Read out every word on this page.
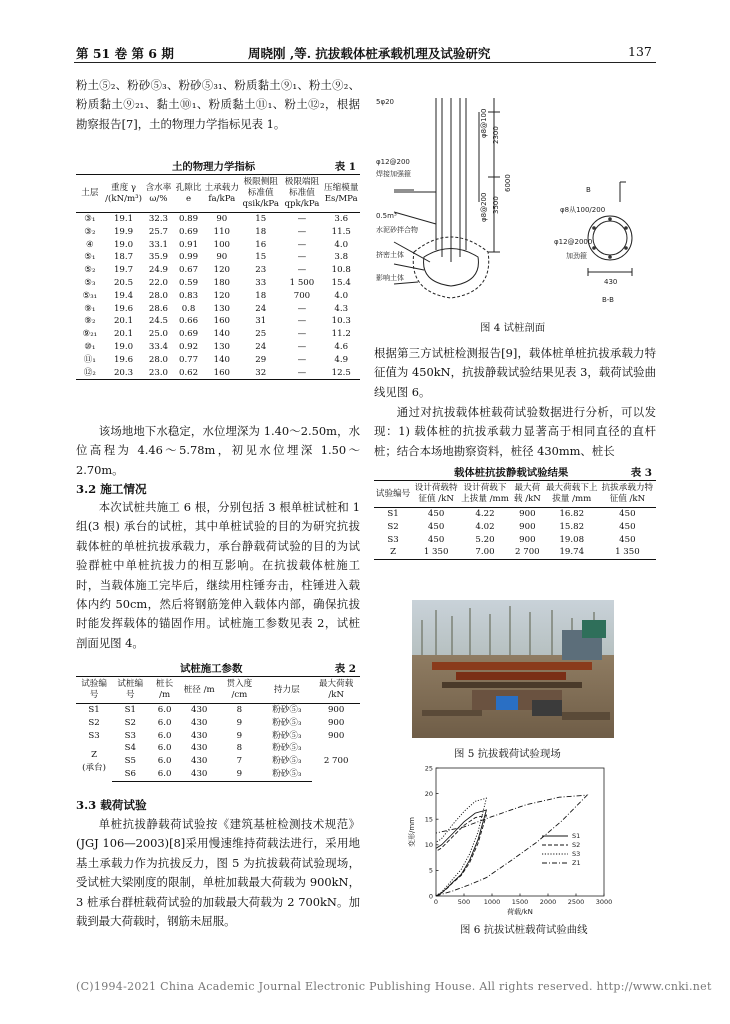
第 51 卷 第 6 期	周晓刚 ,等. 抗拔载体桩承载机理及试验研究	137

粉土⑤₂、粉砂⑤₃、粉砂⑤₃₁、粉质黏土⑨₁、粉土⑨₂、粉质黏土⑨₂₁、黏土⑩₁、粉质黏土⑪₁、粉土⑫₂，根据勘察报告[7]，土的物理力学指标见表 1。

土的物理力学指标	表 1
土层	重度 γ /(kN/m³)	含水率 ω/%	孔隙比 e	土承载力 fa/kPa	极限侧阻标准值 qsik/kPa	极限端阻标准值 qpk/kPa	压缩模量 Es/MPa
③₁	19.1	32.3	0.89	90	15	—	3.6
③₂	19.9	25.7	0.69	110	18	—	11.5
④	19.0	33.1	0.91	100	16	—	4.0
⑤₁	18.7	35.9	0.99	90	15	—	3.8
⑤₂	19.7	24.9	0.67	120	23	—	10.8
⑤₃	20.5	22.0	0.59	180	33	1 500	15.4
⑤₃₁	19.4	28.0	0.83	120	18	700	4.0
⑨₁	19.6	28.6	0.8	130	24	—	4.3
⑨₂	20.1	24.5	0.66	160	31	—	10.3
⑨₂₁	20.1	25.0	0.69	140	25	—	11.2
⑩₁	19.0	33.4	0.92	130	24	—	4.6
⑪₁	19.6	28.0	0.77	140	29	—	4.9
⑫₂	20.3	23.0	0.62	160	32	—	12.5

该场地地下水稳定，水位埋深为 1.40～2.50m，水位高程为 4.46～5.78m，初见水位埋深 1.50～2.70m。

3.2 施工情况

本次试桩共施工 6 根，分别包括 3 根单桩试桩和 1 组(3 根) 承台的试桩，其中单桩试验的目的为研究抗拔载体桩的单桩抗拔承载力，承台静载荷试验的目的为试验群桩中单桩抗拔力的相互影响。在抗拔载体桩施工时，当载体施工完毕后，继续用柱锤夯击，柱锤进入载体内约 50cm，然后将钢筋笼伸入载体内部，确保抗拔时能发挥载体的锚固作用。试桩施工参数见表 2，试桩剖面见图 4。

试桩施工参数	表 2
试验编号	试桩编号	桩长 /m	桩径 /m	贯入度 /cm	持力层	最大荷载 /kN
S1	S1	6.0	430	8	粉砂⑤₃	900
S2	S2	6.0	430	9	粉砂⑤₃	900
S3	S3	6.0	430	9	粉砂⑤₃	900

Z
(承台)	S4	6.0	430	8	粉砂⑤₃	2 700
	S5	6.0	430	7	粉砂⑤₃	
	S6	6.0	430	9	粉砂⑤₃	
3.3 载荷试验

单桩抗拔静载荷试验按《建筑基桩检测技术规范》(JGJ 106—2003)[8]采用慢速维持荷载法进行，采用地基土承载力作为抗拔反力，图 5 为抗拔载荷试验现场，受试桩大梁刚度的限制，单桩加载最大荷载为 900kN，3 桩承台群桩载荷试验的加载最大荷载为 2 700kN。加载到最大荷载时，钢筋未屈服。

5φ20
φ12@200
焊接加强箍
0.5m³
水泥砂拌合物
挤密土体
影响土体
2300
3500
6000
φ8@100
φ8@200
B
φ8从100/200
φ12@2000
加劲箍
430
B-B
图 4 试桩剖面

根据第三方试桩检测报告[9]，载体桩单桩抗拔承载力特征值为 450kN，抗拔静载试验结果见表 3，载荷试验曲线见图 6。

通过对抗拔载体桩载荷试验数据进行分析，可以发现：1) 载体桩的抗拔承载力显著高于相同直径的直杆桩；结合本场地勘察资料，桩径 430mm、桩长

载体桩抗拔静载试验结果	表 3
试验编号	设计荷载特征值 /kN	设计荷载下上拔量 /mm	最大荷载 /kN	最大荷载下上拔量 /mm	抗拔承载力特征值 /kN
S1	450	4.22	900	16.82	450
S2	450	4.02	900	15.82	450
S3	450	5.20	900	19.08	450
Z	1 350	7.00	2 700	19.74	1 350
图 5 抗拔载荷试验现场
0	500 1000 1500 2000 2500 3000
0
5
10
15
20
25
S1
S2
S3
Z1
变形/mm
荷载/kN
图 6 抗拔试桩载荷试验曲线
(C)1994-2021 China Academic Journal Electronic Publishing House. All rights reserved. http://www.cnki.net
